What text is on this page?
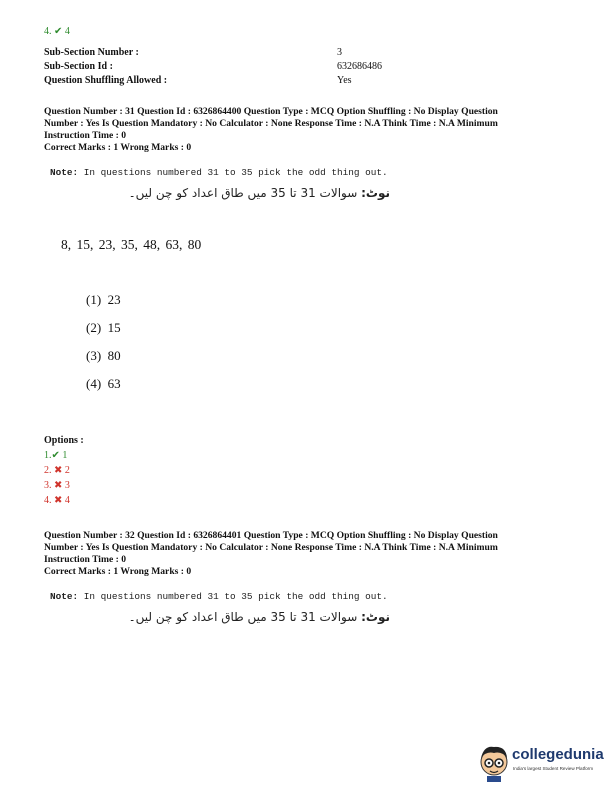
4. ✔ 4
Sub-Section Number :	3
Sub-Section Id :	632686486
Question Shuffling Allowed :	Yes
Question Number : 31 Question Id : 6326864400 Question Type : MCQ Option Shuffling : No Display Question
Number : Yes Is Question Mandatory : No Calculator : None Response Time : N.A Think Time : N.A Minimum
Instruction Time : 0
Correct Marks : 1 Wrong Marks : 0
Note: In questions numbered 31 to 35 pick the odd thing out.
نوٹ: سوالات 31 تا 35 میں طاق اعداد کو چن لیں۔
8, 15, 23, 35, 48, 63, 80
(1) 23
(2) 15
(3) 80
(4) 63
Options :
1.✔ 1
2. ✖ 2
3. ✖ 3
4. ✖ 4
Question Number : 32 Question Id : 6326864401 Question Type : MCQ Option Shuffling : No Display Question
Number : Yes Is Question Mandatory : No Calculator : None Response Time : N.A Think Time : N.A Minimum
Instruction Time : 0
Correct Marks : 1 Wrong Marks : 0
Note: In questions numbered 31 to 35 pick the odd thing out.
نوٹ: سوالات 31 تا 35 میں طاق اعداد کو چن لیں۔
collegedunia
India's largest Student Review Platform
